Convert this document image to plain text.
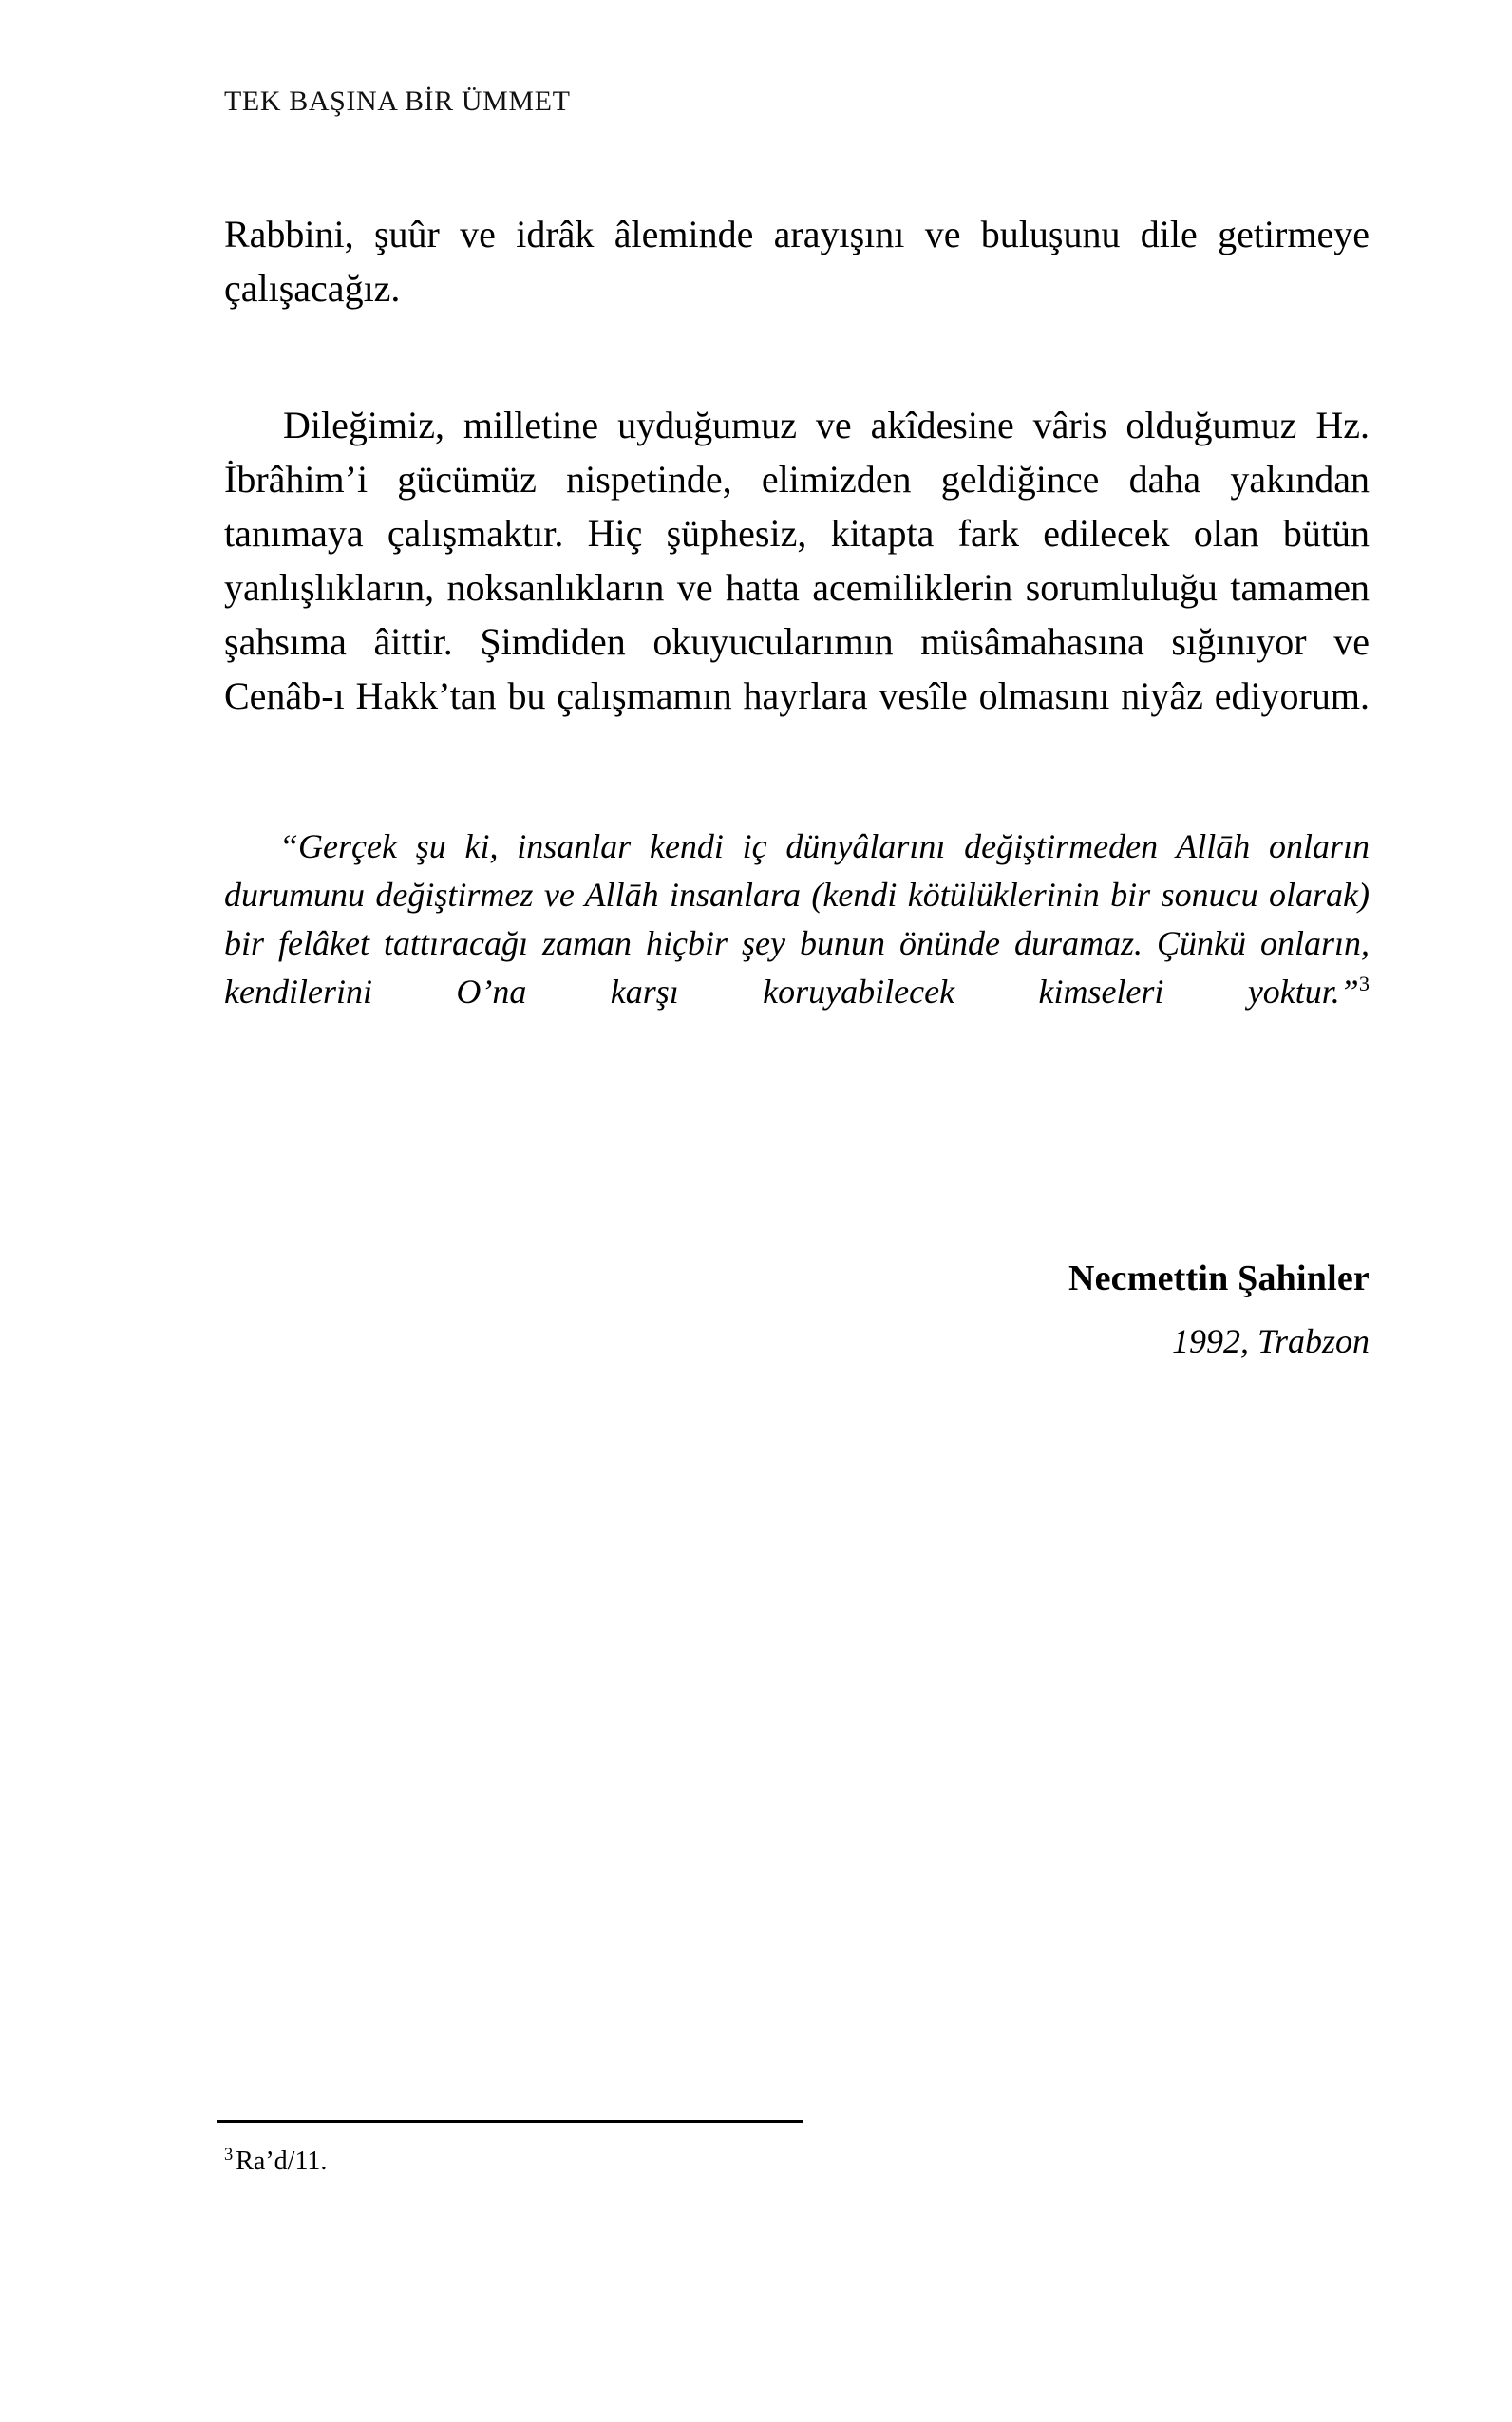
TEK BAŞINA BİR ÜMMET

Rabbini, şuûr ve idrâk âleminde arayışını ve buluşunu dile getirmeye çalışacağız.

Dileğimiz, milletine uyduğumuz ve akîdesine vâris olduğumuz Hz. İbrâhim’i gücümüz nispetinde, elimizden geldiğince daha yakından tanımaya çalışmaktır. Hiç şüphesiz, kitapta fark edilecek olan bütün yanlışlıkların, noksanlıkların ve hatta acemiliklerin sorumluluğu tamamen şahsıma âittir. Şimdiden okuyucularımın müsâmahasına sığınıyor ve Cenâb-ı Hakk’tan bu çalışmamın hayrlara vesîle olmasını niyâz ediyorum.

“Gerçek şu ki, insanlar kendi iç dünyâlarını değiştirmeden Allāh onların durumunu değiştirmez ve Allāh insanlara (kendi kötülüklerinin bir sonucu olarak) bir felâket tattıracağı zaman hiçbir şey bunun önünde duramaz. Çünkü onların, kendilerini O’na karşı koruyabilecek kimseleri yoktur.”$^3$

Necmettin Şahinler

1992, Trabzon

$^3$ Ra’d/11.
